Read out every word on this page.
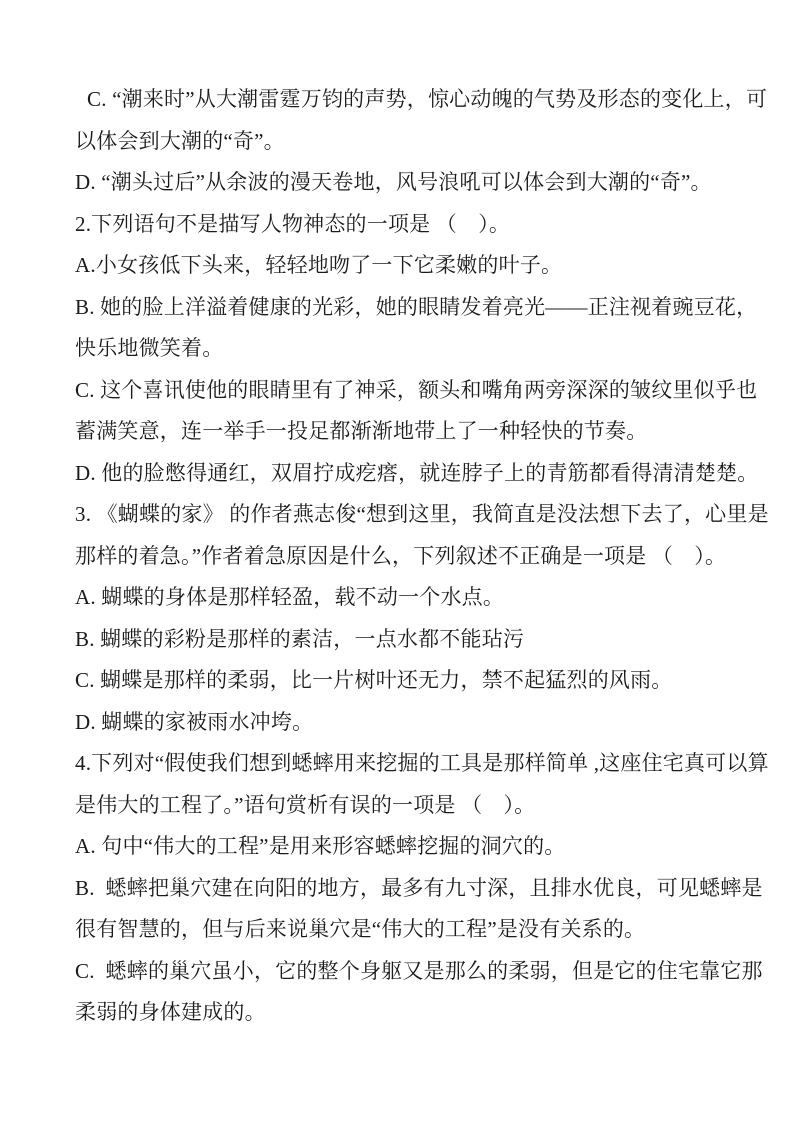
C. “潮来时”从大潮雷霆万钧的声势，惊心动魄的气势及形态的变化上，可
以体会到大潮的“奇”。
D. “潮头过后”从余波的漫天卷地，风号浪吼可以体会到大潮的“奇”。
2.下列语句不是描写人物神态的一项是 （　）。
A.小女孩低下头来，轻轻地吻了一下它柔嫩的叶子。
B. 她的脸上洋溢着健康的光彩，她的眼睛发着亮光——正注视着豌豆花，
快乐地微笑着。
C. 这个喜讯使他的眼睛里有了神采，额头和嘴角两旁深深的皱纹里似乎也
蓄满笑意，连一举手一投足都渐渐地带上了一种轻快的节奏。
D. 他的脸憋得通红，双眉拧成疙瘩，就连脖子上的青筋都看得清清楚楚。
3. 《蝴蝶的家》 的作者燕志俊“想到这里，我简直是没法想下去了，心里是
那样的着急。”作者着急原因是什么，下列叙述不正确是一项是 （　）。
A. 蝴蝶的身体是那样轻盈，载不动一个水点。
B. 蝴蝶的彩粉是那样的素洁，一点水都不能玷污
C. 蝴蝶是那样的柔弱，比一片树叶还无力，禁不起猛烈的风雨。
D. 蝴蝶的家被雨水冲垮。
4.下列对“假使我们想到蟋蟀用来挖掘的工具是那样简单 ,这座住宅真可以算
是伟大的工程了。”语句赏析有误的一项是 （　）。
A. 句中“伟大的工程”是用来形容蟋蟀挖掘的洞穴的。
B.  蟋蟀把巢穴建在向阳的地方，最多有九寸深，且排水优良，可见蟋蟀是
很有智慧的，但与后来说巢穴是“伟大的工程”是没有关系的。
C.  蟋蟀的巢穴虽小，它的整个身躯又是那么的柔弱，但是它的住宅靠它那
柔弱的身体建成的。
